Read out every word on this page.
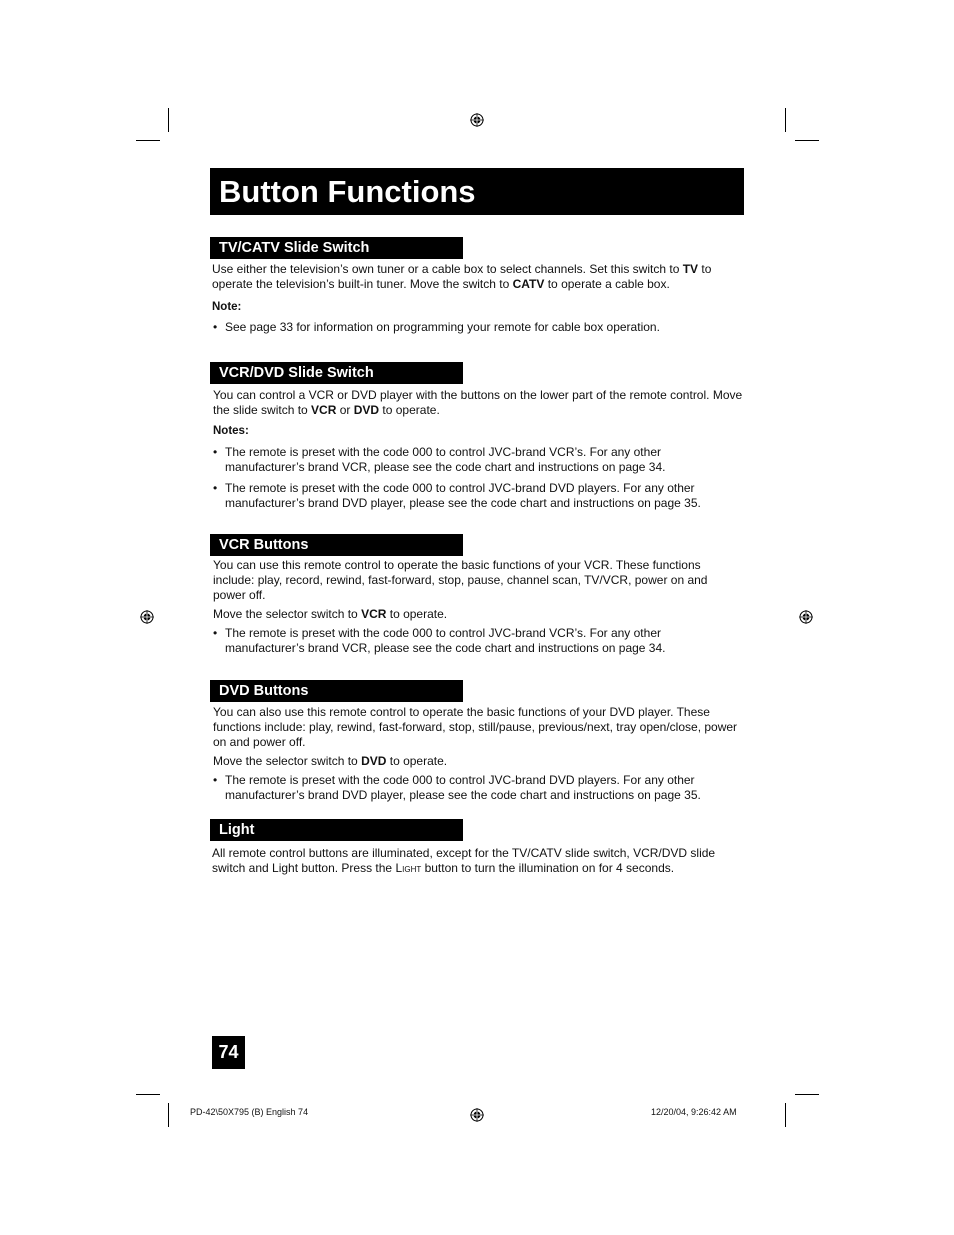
Button Functions
TV/CATV Slide Switch

Use either the television’s own tuner or a cable box to select channels. Set this switch to TV to operate the television’s built-in tuner. Move the switch to CATV to operate a cable box.

Note:
• See page 33 for information on programming your remote for cable box operation.
VCR/DVD Slide Switch

You can control a VCR or DVD player with the buttons on the lower part of the remote control. Move the slide switch to VCR or DVD to operate.

Notes:
• The remote is preset with the code 000 to control JVC-brand VCR’s. For any other manufacturer’s brand VCR, please see the code chart and instructions on page 34.
• The remote is preset with the code 000 to control JVC-brand DVD players. For any other manufacturer’s brand DVD player, please see the code chart and instructions on page 35.
VCR Buttons

You can use this remote control to operate the basic functions of your VCR. These functions include: play, record, rewind, fast-forward, stop, pause, channel scan, TV/VCR, power on and power off.

Move the selector switch to VCR to operate.

• The remote is preset with the code 000 to control JVC-brand VCR’s. For any other manufacturer’s brand VCR, please see the code chart and instructions on page 34.
DVD Buttons

You can also use this remote control to operate the basic functions of your DVD player. These functions include: play, rewind, fast-forward, stop, still/pause, previous/next, tray open/close, power on and power off.

Move the selector switch to DVD to operate.

• The remote is preset with the code 000 to control JVC-brand DVD players. For any other manufacturer’s brand DVD player, please see the code chart and instructions on page 35.
Light

All remote control buttons are illuminated, except for the TV/CATV slide switch, VCR/DVD slide switch and Light button. Press the Light button to turn the illumination on for 4 seconds.

74
PD-42\50X795 (B) English 74	12/20/04, 9:26:42 AM
